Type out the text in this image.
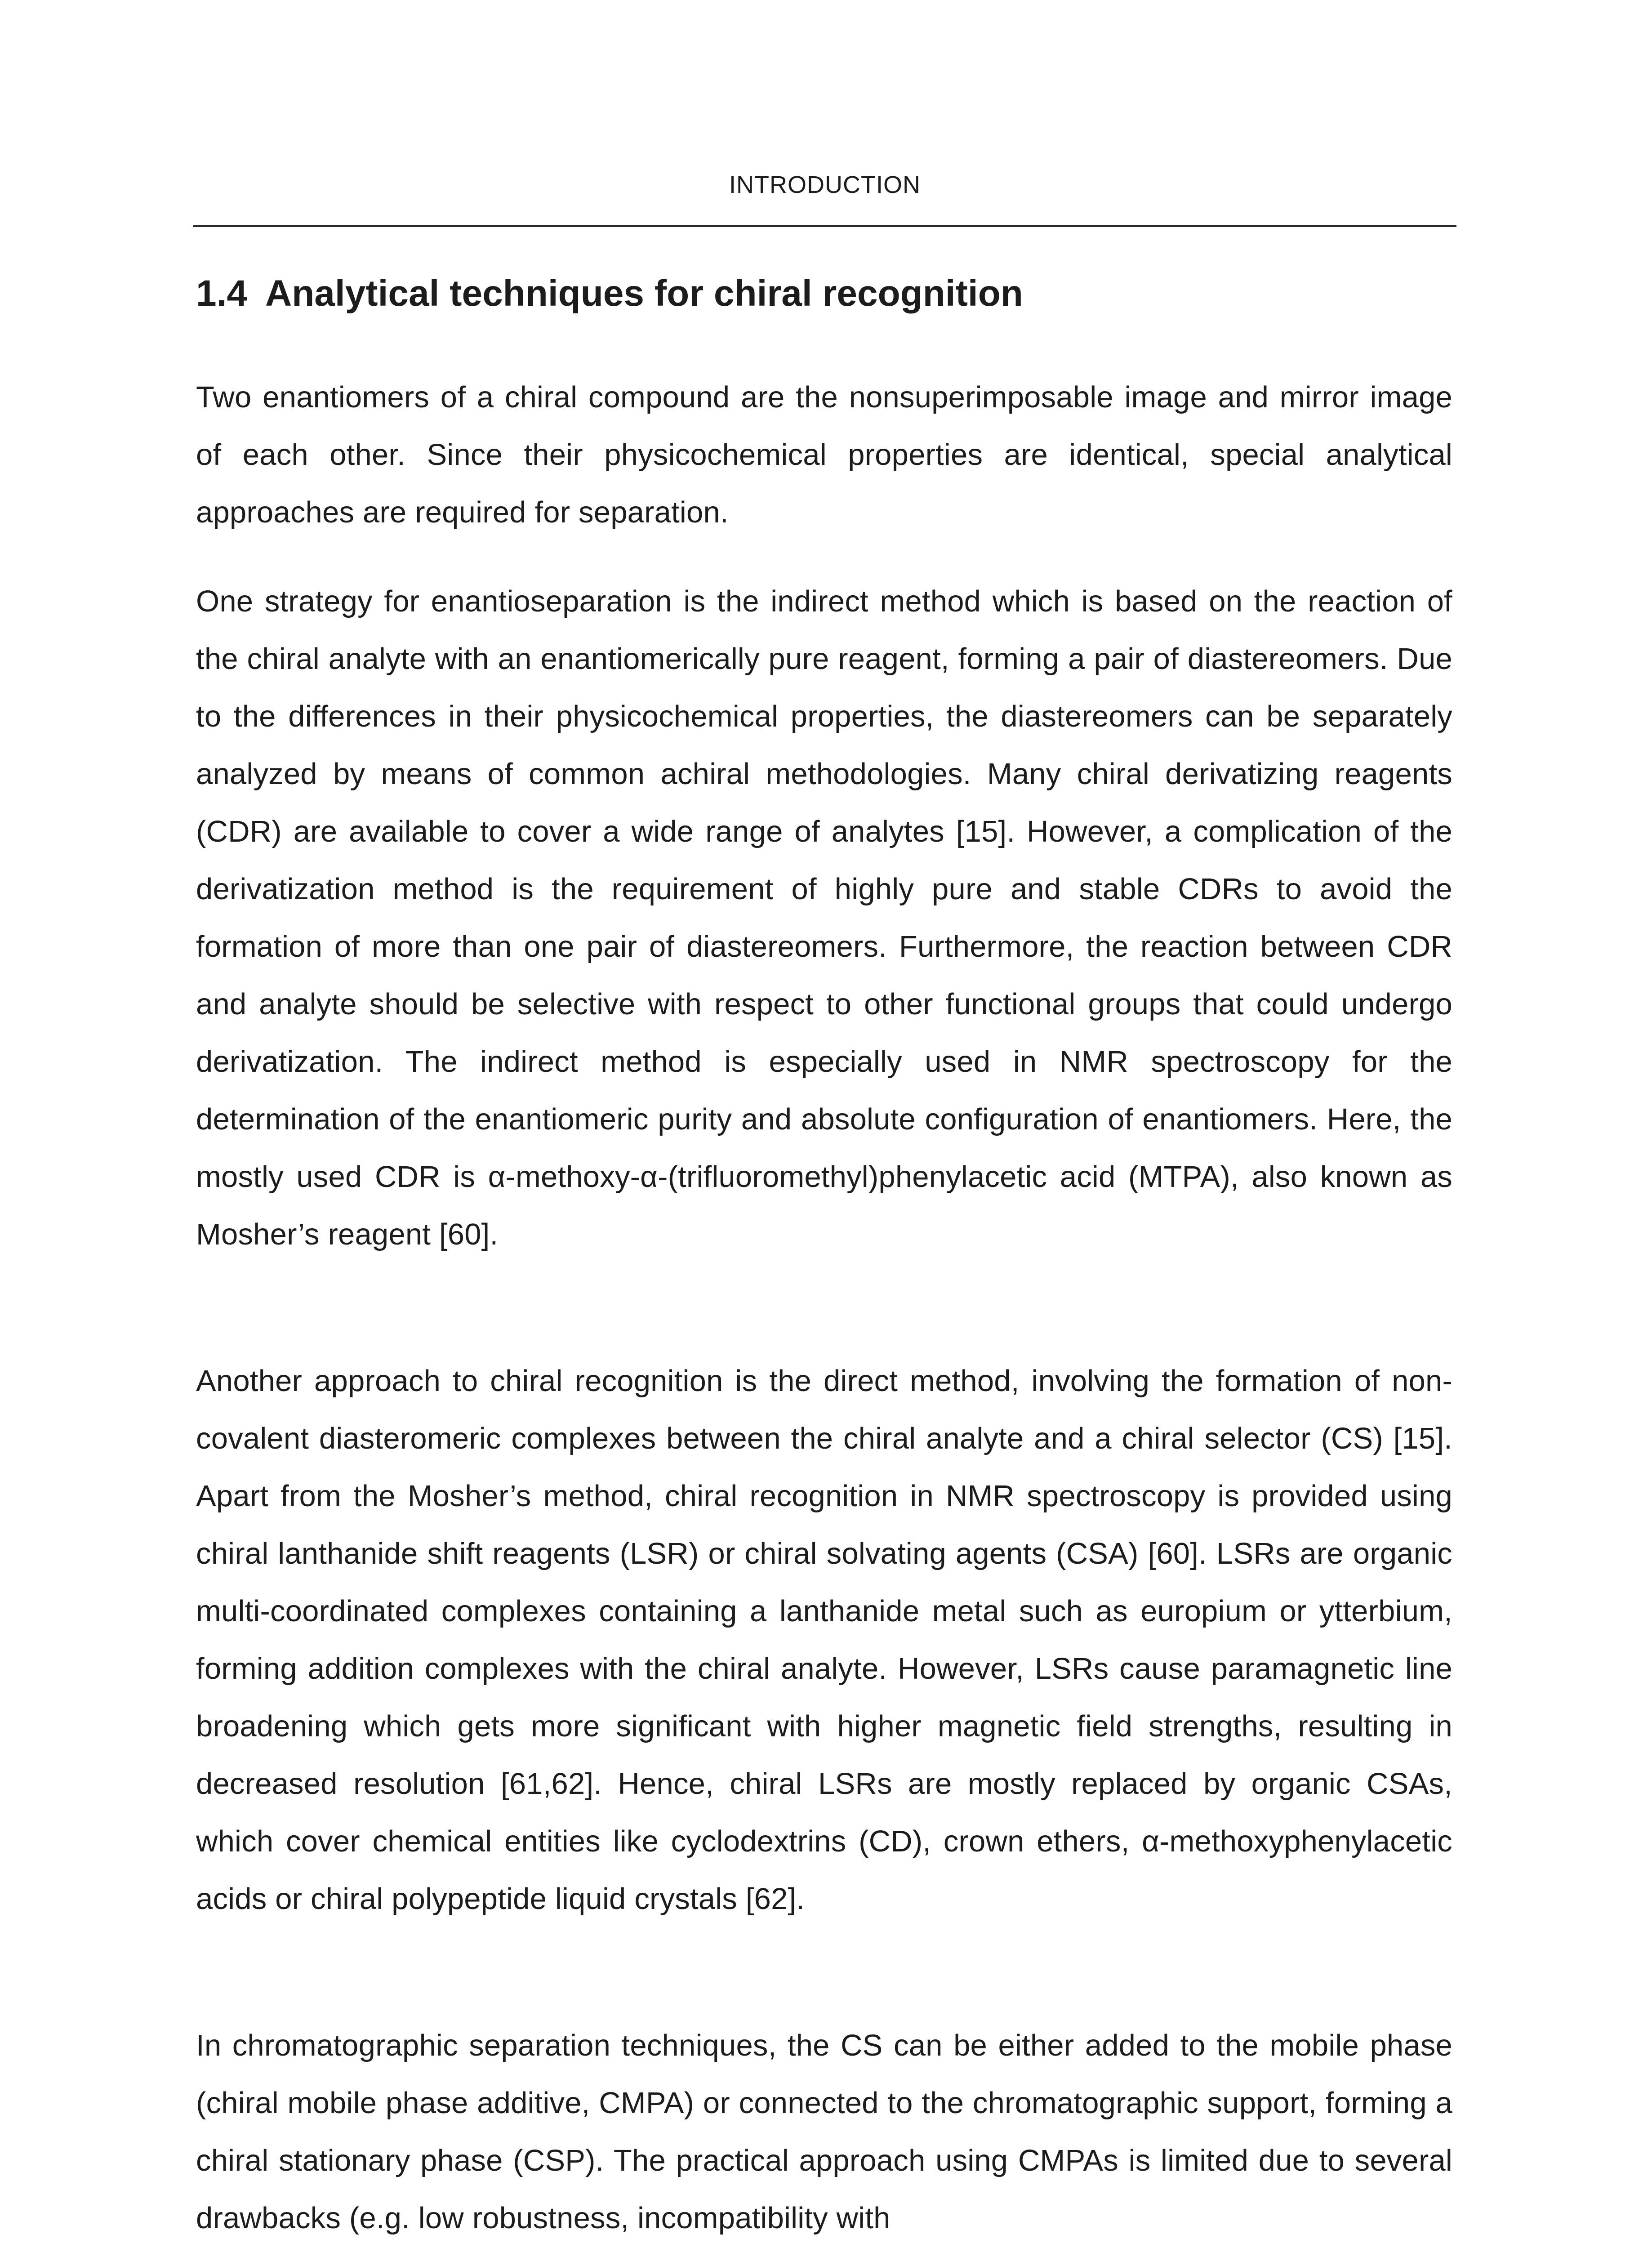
INTRODUCTION
1.4 Analytical techniques for chiral recognition

Two enantiomers of a chiral compound are the nonsuperimposable image and mirror image of each other. Since their physicochemical properties are identical, special analytical approaches are required for separation.

One strategy for enantioseparation is the indirect method which is based on the reaction of the chiral analyte with an enantiomerically pure reagent, forming a pair of diastereomers. Due to the differences in their physicochemical properties, the diastereomers can be separately analyzed by means of common achiral methodologies. Many chiral derivatizing reagents (CDR) are available to cover a wide range of analytes [15]. However, a complication of the derivatization method is the requirement of highly pure and stable CDRs to avoid the formation of more than one pair of diastereomers. Furthermore, the reaction between CDR and analyte should be selective with respect to other functional groups that could undergo derivatization. The indirect method is especially used in NMR spectroscopy for the determination of the enantiomeric purity and absolute configuration of enantiomers. Here, the mostly used CDR is α-methoxy-α-(trifluoromethyl)phenylacetic acid (MTPA), also known as Mosher’s reagent [60].

Another approach to chiral recognition is the direct method, involving the formation of non-covalent diasteromeric complexes between the chiral analyte and a chiral selector (CS) [15]. Apart from the Mosher’s method, chiral recognition in NMR spectroscopy is provided using chiral lanthanide shift reagents (LSR) or chiral solvating agents (CSA) [60]. LSRs are organic multi-coordinated complexes containing a lanthanide metal such as europium or ytterbium, forming addition complexes with the chiral analyte. However, LSRs cause paramagnetic line broadening which gets more significant with higher magnetic field strengths, resulting in decreased resolution [61,62]. Hence, chiral LSRs are mostly replaced by organic CSAs, which cover chemical entities like cyclodextrins (CD), crown ethers, α-methoxyphenylacetic acids or chiral polypeptide liquid crystals [62].

In chromatographic separation techniques, the CS can be either added to the mobile phase (chiral mobile phase additive, CMPA) or connected to the chromatographic support, forming a chiral stationary phase (CSP). The practical approach using CMPAs is limited due to several drawbacks (e.g. low robustness, incompatibility with
